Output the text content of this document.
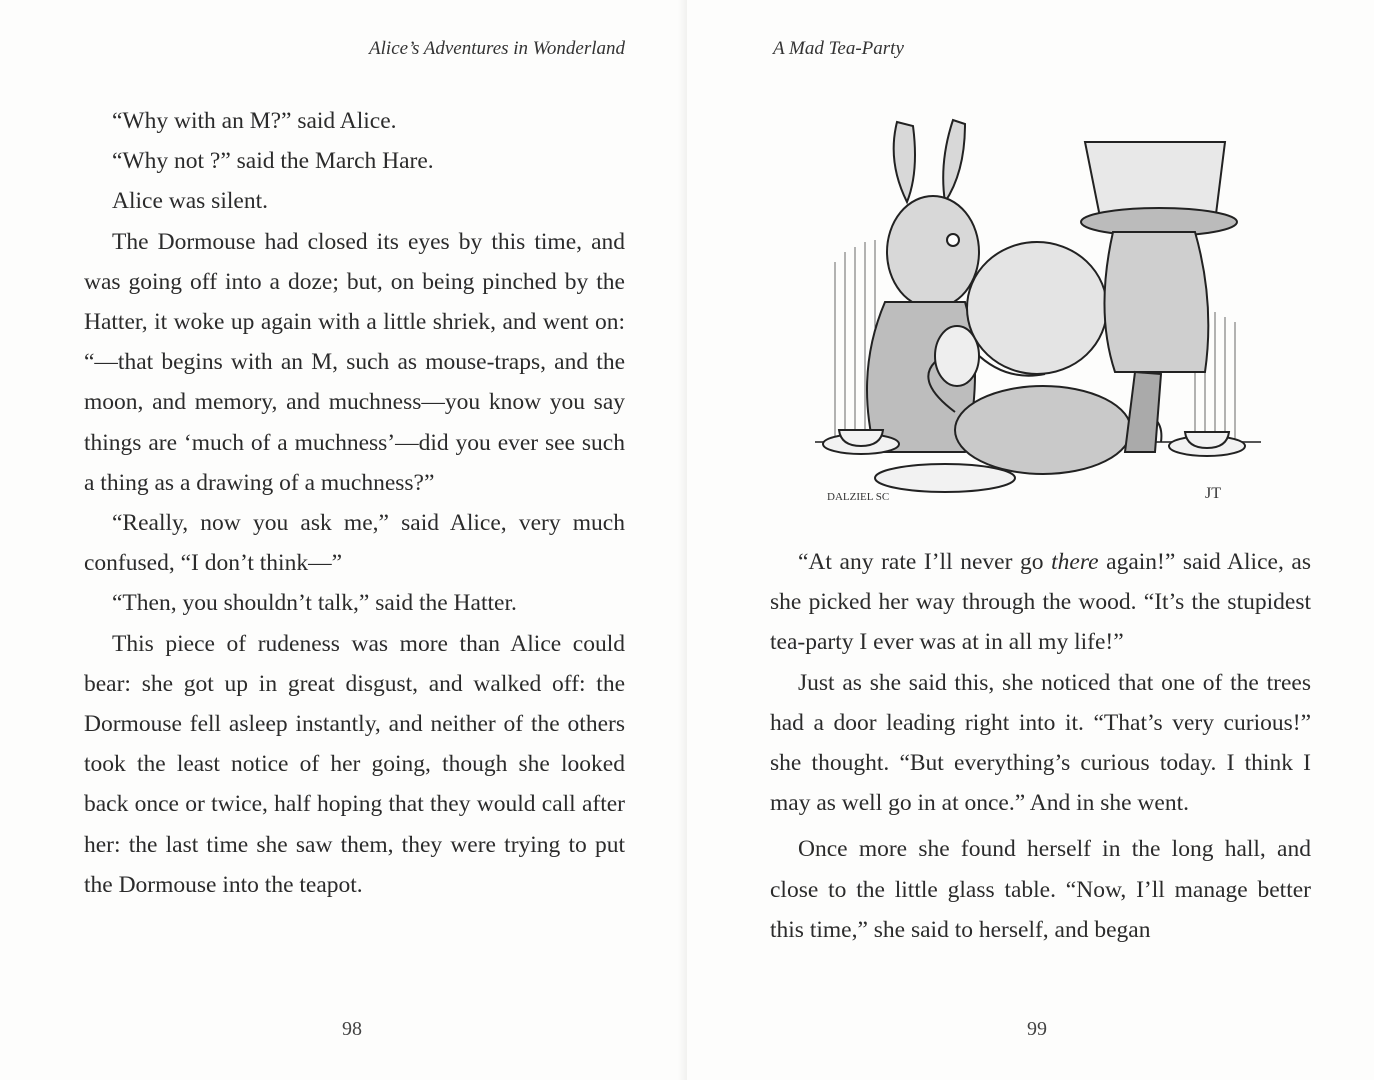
Alice’s Adventures in Wonderland

“Why with an M?” said Alice.

“Why not ?” said the March Hare.

Alice was silent.

The Dormouse had closed its eyes by this time, and was going off into a doze; but, on being pinched by the Hatter, it woke up again with a little shriek, and went on: “—that begins with an M, such as mouse-traps, and the moon, and memory, and muchness—you know you say things are ‘much of a muchness’—did you ever see such a thing as a drawing of a muchness?”

“Really, now you ask me,” said Alice, very much confused, “I don’t think—”

“Then, you shouldn’t talk,” said the Hatter.

This piece of rudeness was more than Alice could bear: she got up in great disgust, and walked off: the Dormouse fell asleep instantly, and neither of the others took the least notice of her going, though she looked back once or twice, half hoping that they would call after her: the last time she saw them, they were trying to put the Dormouse into the teapot.

98
A Mad Tea-Party
DALZIEL SC	JT

“At any rate I’ll never go there again!” said Alice, as she picked her way through the wood. “It’s the stupidest tea-party I ever was at in all my life!”

Just as she said this, she noticed that one of the trees had a door leading right into it. “That’s very curious!” she thought. “But everything’s curious today. I think I may as well go in at once.” And in she went.

Once more she found herself in the long hall, and close to the little glass table. “Now, I’ll manage better this time,” she said to herself, and began

99
